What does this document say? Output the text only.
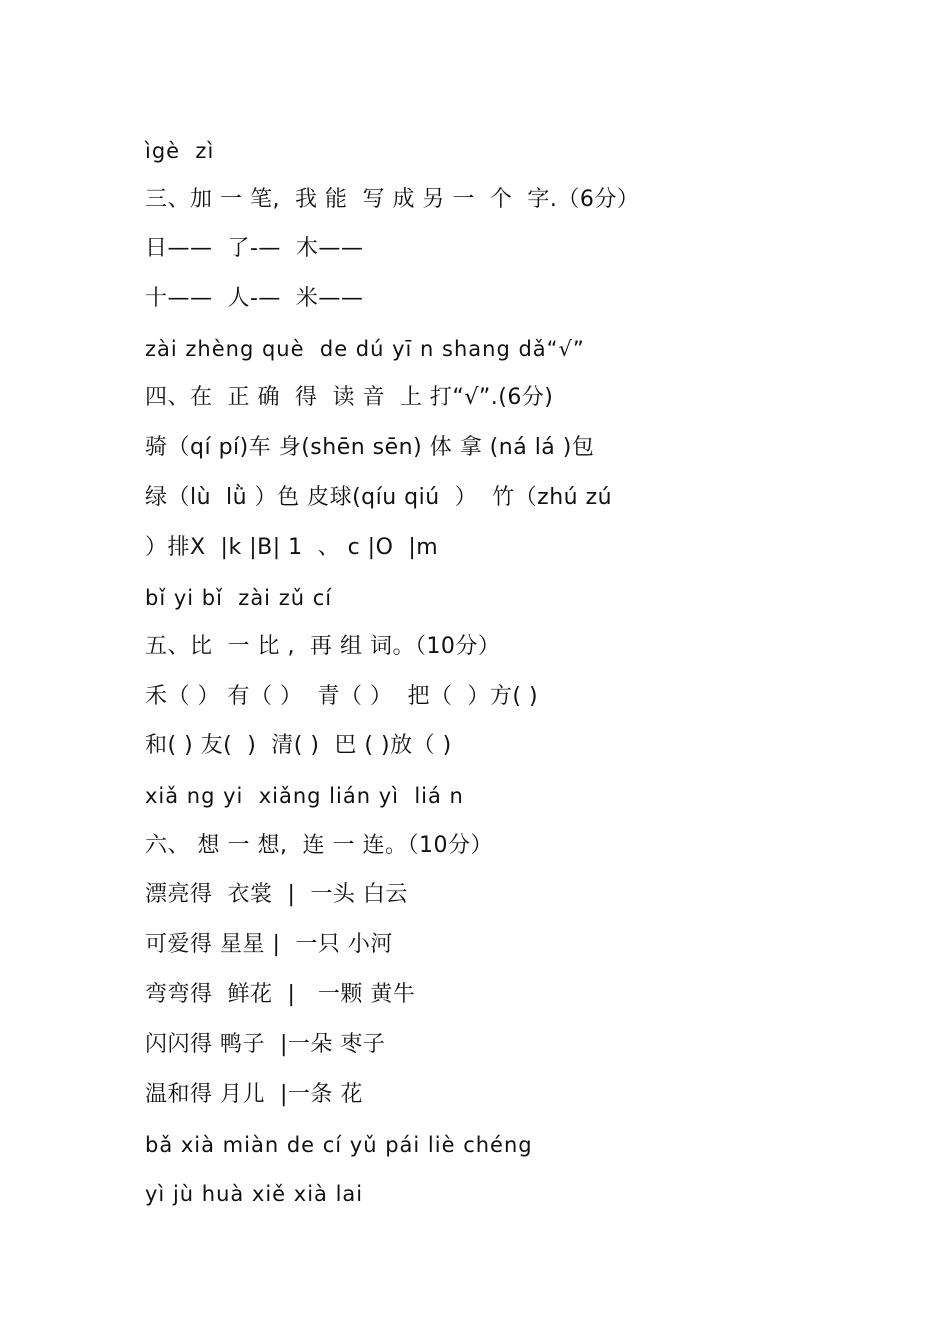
ìgè  zì
三、加 一 笔,  我 能  写 成 另 一  个  字.（6分）
日——  了-—  木——
十——  人-—  米——
zài zhèng què  de dú yī n shang dǎ“√”
四、在  正 确  得  读 音  上 打“√”.(6分)
骑（qí pí)车 身(shēn sēn) 体 拿 (ná lá )包
绿（lù  lǜ ）色 皮球(qíu qiú  ）  竹（zhú zú
）排X  |k |B| 1  、 c |O  |m
bǐ yi bǐ  zài zǔ cí
五、比  一 比 ,  再 组 词。（10分）
禾（ ） 有（ ）  青（ ）  把（  ）方( )
和( ) 友(  )  清( )  巴 ( )放（ )
xiǎ ng yi  xiǎng lián yì  liá n
六、 想 一 想,  连 一 连。（10分）
漂亮得  衣裳  |  一头 白云
可爱得 星星 |  一只 小河
弯弯得  鲜花  |   一颗 黄牛
闪闪得 鸭子  |一朵 枣子
温和得 月儿  |一条 花
bǎ xià miàn de cí yǔ pái liè chéng
yì jù huà xiě xià lai
